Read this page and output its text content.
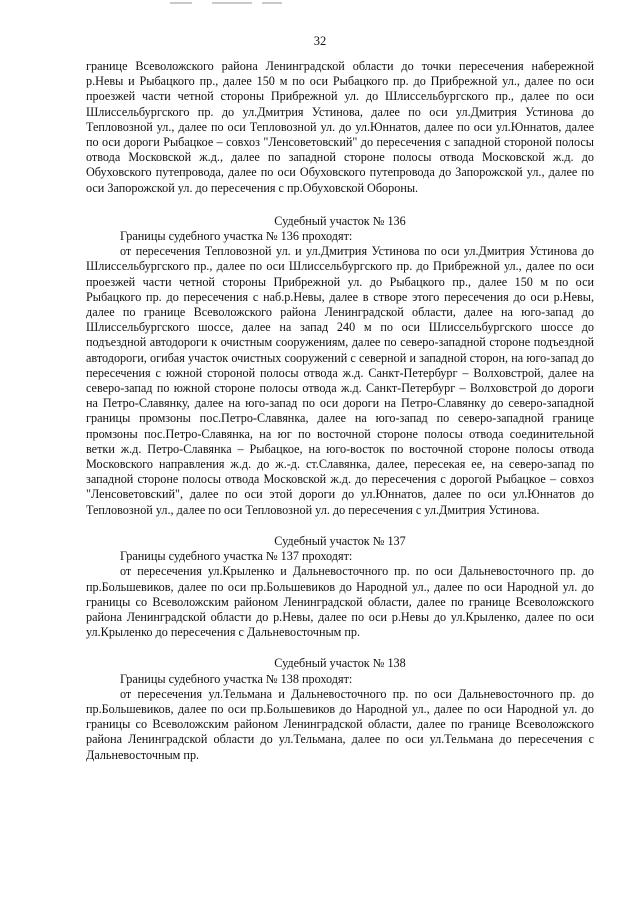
32

границе Всеволожского района Ленинградской области до точки пересечения набережной р.Невы и Рыбацкого пр., далее 150 м по оси Рыбацкого пр. до Прибрежной ул., далее по оси проезжей части четной стороны Прибрежной ул. до Шлиссельбургского пр., далее по оси Шлиссельбургского пр. до ул.Дмитрия Устинова, далее по оси ул.Дмитрия Устинова до Тепловозной ул., далее по оси Тепловозной ул. до ул.Юннатов, далее по оси ул.Юннатов, далее по оси дороги Рыбацкое – совхоз "Ленсоветовский" до пересечения с западной стороной полосы отвода Московской ж.д., далее по западной стороне полосы отвода Московской ж.д. до Обуховского путепровода, далее по оси Обуховского путепровода до Запорожской ул., далее по оси Запорожской ул. до пересечения с пр.Обуховской Обороны.

Судебный участок № 136

Границы судебного участка № 136 проходят:

от пересечения Тепловозной ул. и ул.Дмитрия Устинова по оси ул.Дмитрия Устинова до Шлиссельбургского пр., далее по оси Шлиссельбургского пр. до Прибрежной ул., далее по оси проезжей части четной стороны Прибрежной ул. до Рыбацкого пр., далее 150 м по оси Рыбацкого пр. до пересечения с наб.р.Невы, далее в створе этого пересечения до оси р.Невы, далее по границе Всеволожского района Ленинградской области, далее на юго-запад до Шлиссельбургского шоссе, далее на запад 240 м по оси Шлиссельбургского шоссе до подъездной автодороги к очистным сооружениям, далее по северо-западной стороне подъездной автодороги, огибая участок очистных сооружений с северной и западной сторон, на юго-запад до пересечения с южной стороной полосы отвода ж.д. Санкт-Петербург – Волховстрой, далее на северо-запад по южной стороне полосы отвода ж.д. Санкт-Петербург – Волховстрой до дороги на Петро-Славянку, далее на юго-запад по оси дороги на Петро-Славянку до северо-западной границы промзоны пос.Петро-Славянка, далее на юго-запад по северо-западной границе промзоны пос.Петро-Славянка, на юг по восточной стороне полосы отвода соединительной ветки ж.д. Петро-Славянка – Рыбацкое, на юго-восток по восточной стороне полосы отвода Московского направления ж.д. до ж.-д. ст.Славянка, далее, пересекая ее, на северо-запад по западной стороне полосы отвода Московской ж.д. до пересечения с дорогой Рыбацкое – совхоз "Ленсоветовский", далее по оси этой дороги до ул.Юннатов, далее по оси ул.Юннатов до Тепловозной ул., далее по оси Тепловозной ул. до пересечения с ул.Дмитрия Устинова.

Судебный участок № 137

Границы судебного участка № 137 проходят:

от пересечения ул.Крыленко и Дальневосточного пр. по оси Дальневосточного пр. до пр.Большевиков, далее по оси пр.Большевиков до Народной ул., далее по оси Народной ул. до границы со Всеволожским районом Ленинградской области, далее по границе Всеволожского района Ленинградской области до р.Невы, далее по оси р.Невы до ул.Крыленко, далее по оси ул.Крыленко до пересечения с Дальневосточным пр.

Судебный участок № 138

Границы судебного участка № 138 проходят:

от пересечения ул.Тельмана и Дальневосточного пр. по оси Дальневосточного пр. до пр.Большевиков, далее по оси пр.Большевиков до Народной ул., далее по оси Народной ул. до границы со Всеволожским районом Ленинградской области, далее по границе Всеволожского района Ленинградской области до ул.Тельмана, далее по оси ул.Тельмана до пересечения с Дальневосточным пр.
